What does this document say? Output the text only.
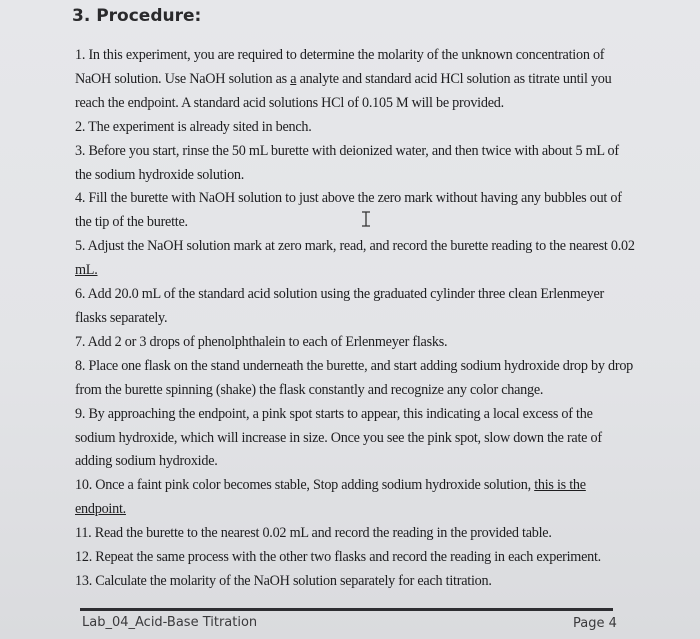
3. Procedure:

1. In this experiment, you are required to determine the molarity of the unknown concentration of NaOH solution. Use NaOH solution as a analyte and standard acid HCl solution as titrate until you reach the endpoint. A standard acid solutions HCl of 0.105 M will be provided.

2. The experiment is already sited in bench.

3. Before you start, rinse the 50 mL burette with deionized water, and then twice with about 5 mL of the sodium hydroxide solution.

4. Fill the burette with NaOH solution to just above the zero mark without having any bubbles out of the tip of the burette.

5. Adjust the NaOH solution mark at zero mark, read, and record the burette reading to the nearest 0.02 mL.

6. Add 20.0 mL of the standard acid solution using the graduated cylinder three clean Erlenmeyer flasks separately.

7. Add 2 or 3 drops of phenolphthalein to each of Erlenmeyer flasks.

8. Place one flask on the stand underneath the burette, and start adding sodium hydroxide drop by drop from the burette spinning (shake) the flask constantly and recognize any color change.

9. By approaching the endpoint, a pink spot starts to appear, this indicating a local excess of the sodium hydroxide, which will increase in size. Once you see the pink spot, slow down the rate of adding sodium hydroxide.

10. Once a faint pink color becomes stable, Stop adding sodium hydroxide solution, this is the endpoint.

11. Read the burette to the nearest 0.02 mL and record the reading in the provided table.

12. Repeat the same process with the other two flasks and record the reading in each experiment.

13. Calculate the molarity of the NaOH solution separately for each titration.

Lab_04_Acid-Base Titration	Page 4
